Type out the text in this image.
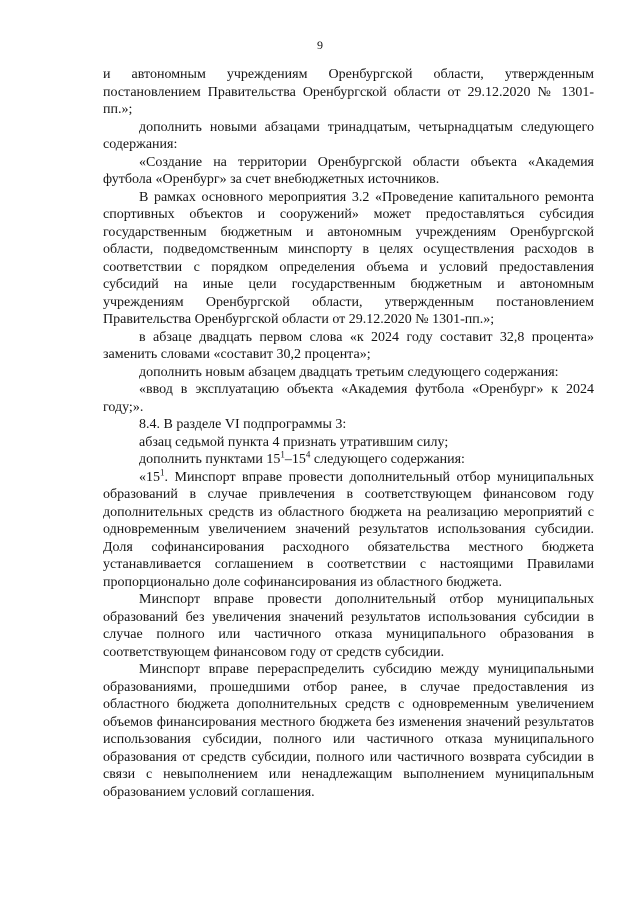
9

и автономным учреждениям Оренбургской области, утвержденным постановлением Правительства Оренбургской области от 29.12.2020 № 1301-пп.»;

дополнить новыми абзацами тринадцатым, четырнадцатым следующего содержания:

«Создание на территории Оренбургской области объекта «Академия футбола «Оренбург» за счет внебюджетных источников.

В рамках основного мероприятия 3.2 «Проведение капитального ремонта спортивных объектов и сооружений» может предоставляться субсидия государственным бюджетным и автономным учреждениям Оренбургской области, подведомственным минспорту в целях осуществления расходов в соответствии с порядком определения объема и условий предоставления субсидий на иные цели государственным бюджетным и автономным учреждениям Оренбургской области, утвержденным постановлением Правительства Оренбургской области от 29.12.2020 № 1301-пп.»;

в абзаце двадцать первом слова «к 2024 году составит 32,8 процента» заменить словами «составит 30,2 процента»;

дополнить новым абзацем двадцать третьим следующего содержания:

«ввод в эксплуатацию объекта «Академия футбола «Оренбург» к 2024 году;».

8.4. В разделе VI подпрограммы 3:

абзац седьмой пункта 4 признать утратившим силу;

дополнить пунктами $15^1-15^4$ следующего содержания:

«$15^1$. Минспорт вправе провести дополнительный отбор муниципальных образований в случае привлечения в соответствующем финансовом году дополнительных средств из областного бюджета на реализацию мероприятий с одновременным увеличением значений результатов использования субсидии. Доля софинансирования расходного обязательства местного бюджета устанавливается соглашением в соответствии с настоящими Правилами пропорционально доле софинансирования из областного бюджета.

Минспорт вправе провести дополнительный отбор муниципальных образований без увеличения значений результатов использования субсидии в случае полного или частичного отказа муниципального образования в соответствующем финансовом году от средств субсидии.

Минспорт вправе перераспределить субсидию между муниципальными образованиями, прошедшими отбор ранее, в случае предоставления из областного бюджета дополнительных средств с одновременным увеличением объемов финансирования местного бюджета без изменения значений результатов использования субсидии, полного или частичного отказа муниципального образования от средств субсидии, полного или частичного возврата субсидии в связи с невыполнением или ненадлежащим выполнением муниципальным образованием условий соглашения.
